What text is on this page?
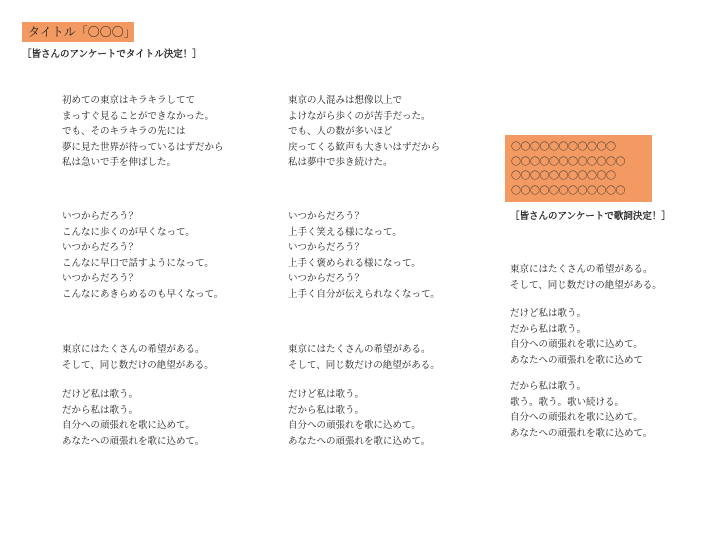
タイトル「〇〇〇」
［皆さんのアンケートでタイトル決定！］
初めての東京はキラキラしてて
まっすぐ見ることができなかった。
でも、そのキラキラの先には
夢に見た世界が待っているはずだから
私は急いで手を伸ばした。
いつからだろう？
こんなに歩くのが早くなって。
いつからだろう？
こんなに早口で話すようになって。
いつからだろう？
こんなにあきらめるのも早くなって。
東京にはたくさんの希望がある。
そして、同じ数だけの絶望がある。
だけど私は歌う。
だから私は歌う。
自分への頑張れを歌に込めて。
あなたへの頑張れを歌に込めて。
東京の人混みは想像以上で
よけながら歩くのが苦手だった。
でも、人の数が多いほど
戻ってくる歓声も大きいはずだから
私は夢中で歩き続けた。
いつからだろう？
上手く笑える様になって。
いつからだろう？
上手く褒められる様になって。
いつからだろう？
上手く自分が伝えられなくなって。
東京にはたくさんの希望がある。
そして、同じ数だけの絶望がある。
だけど私は歌う。
だから私は歌う。
自分への頑張れを歌に込めて。
あなたへの頑張れを歌に込めて。
〇〇〇〇〇〇〇〇〇〇〇
〇〇〇〇〇〇〇〇〇〇〇〇
〇〇〇〇〇〇〇〇〇〇〇
〇〇〇〇〇〇〇〇〇〇〇〇
［皆さんのアンケートで歌詞決定！］
東京にはたくさんの希望がある。
そして、同じ数だけの絶望がある。
だけど私は歌う。
だから私は歌う。
自分への頑張れを歌に込めて。
あなたへの頑張れを歌に込めて
だから私は歌う。
歌う。歌う。歌い続ける。
自分への頑張れを歌に込めて。
あなたへの頑張れを歌に込めて。
